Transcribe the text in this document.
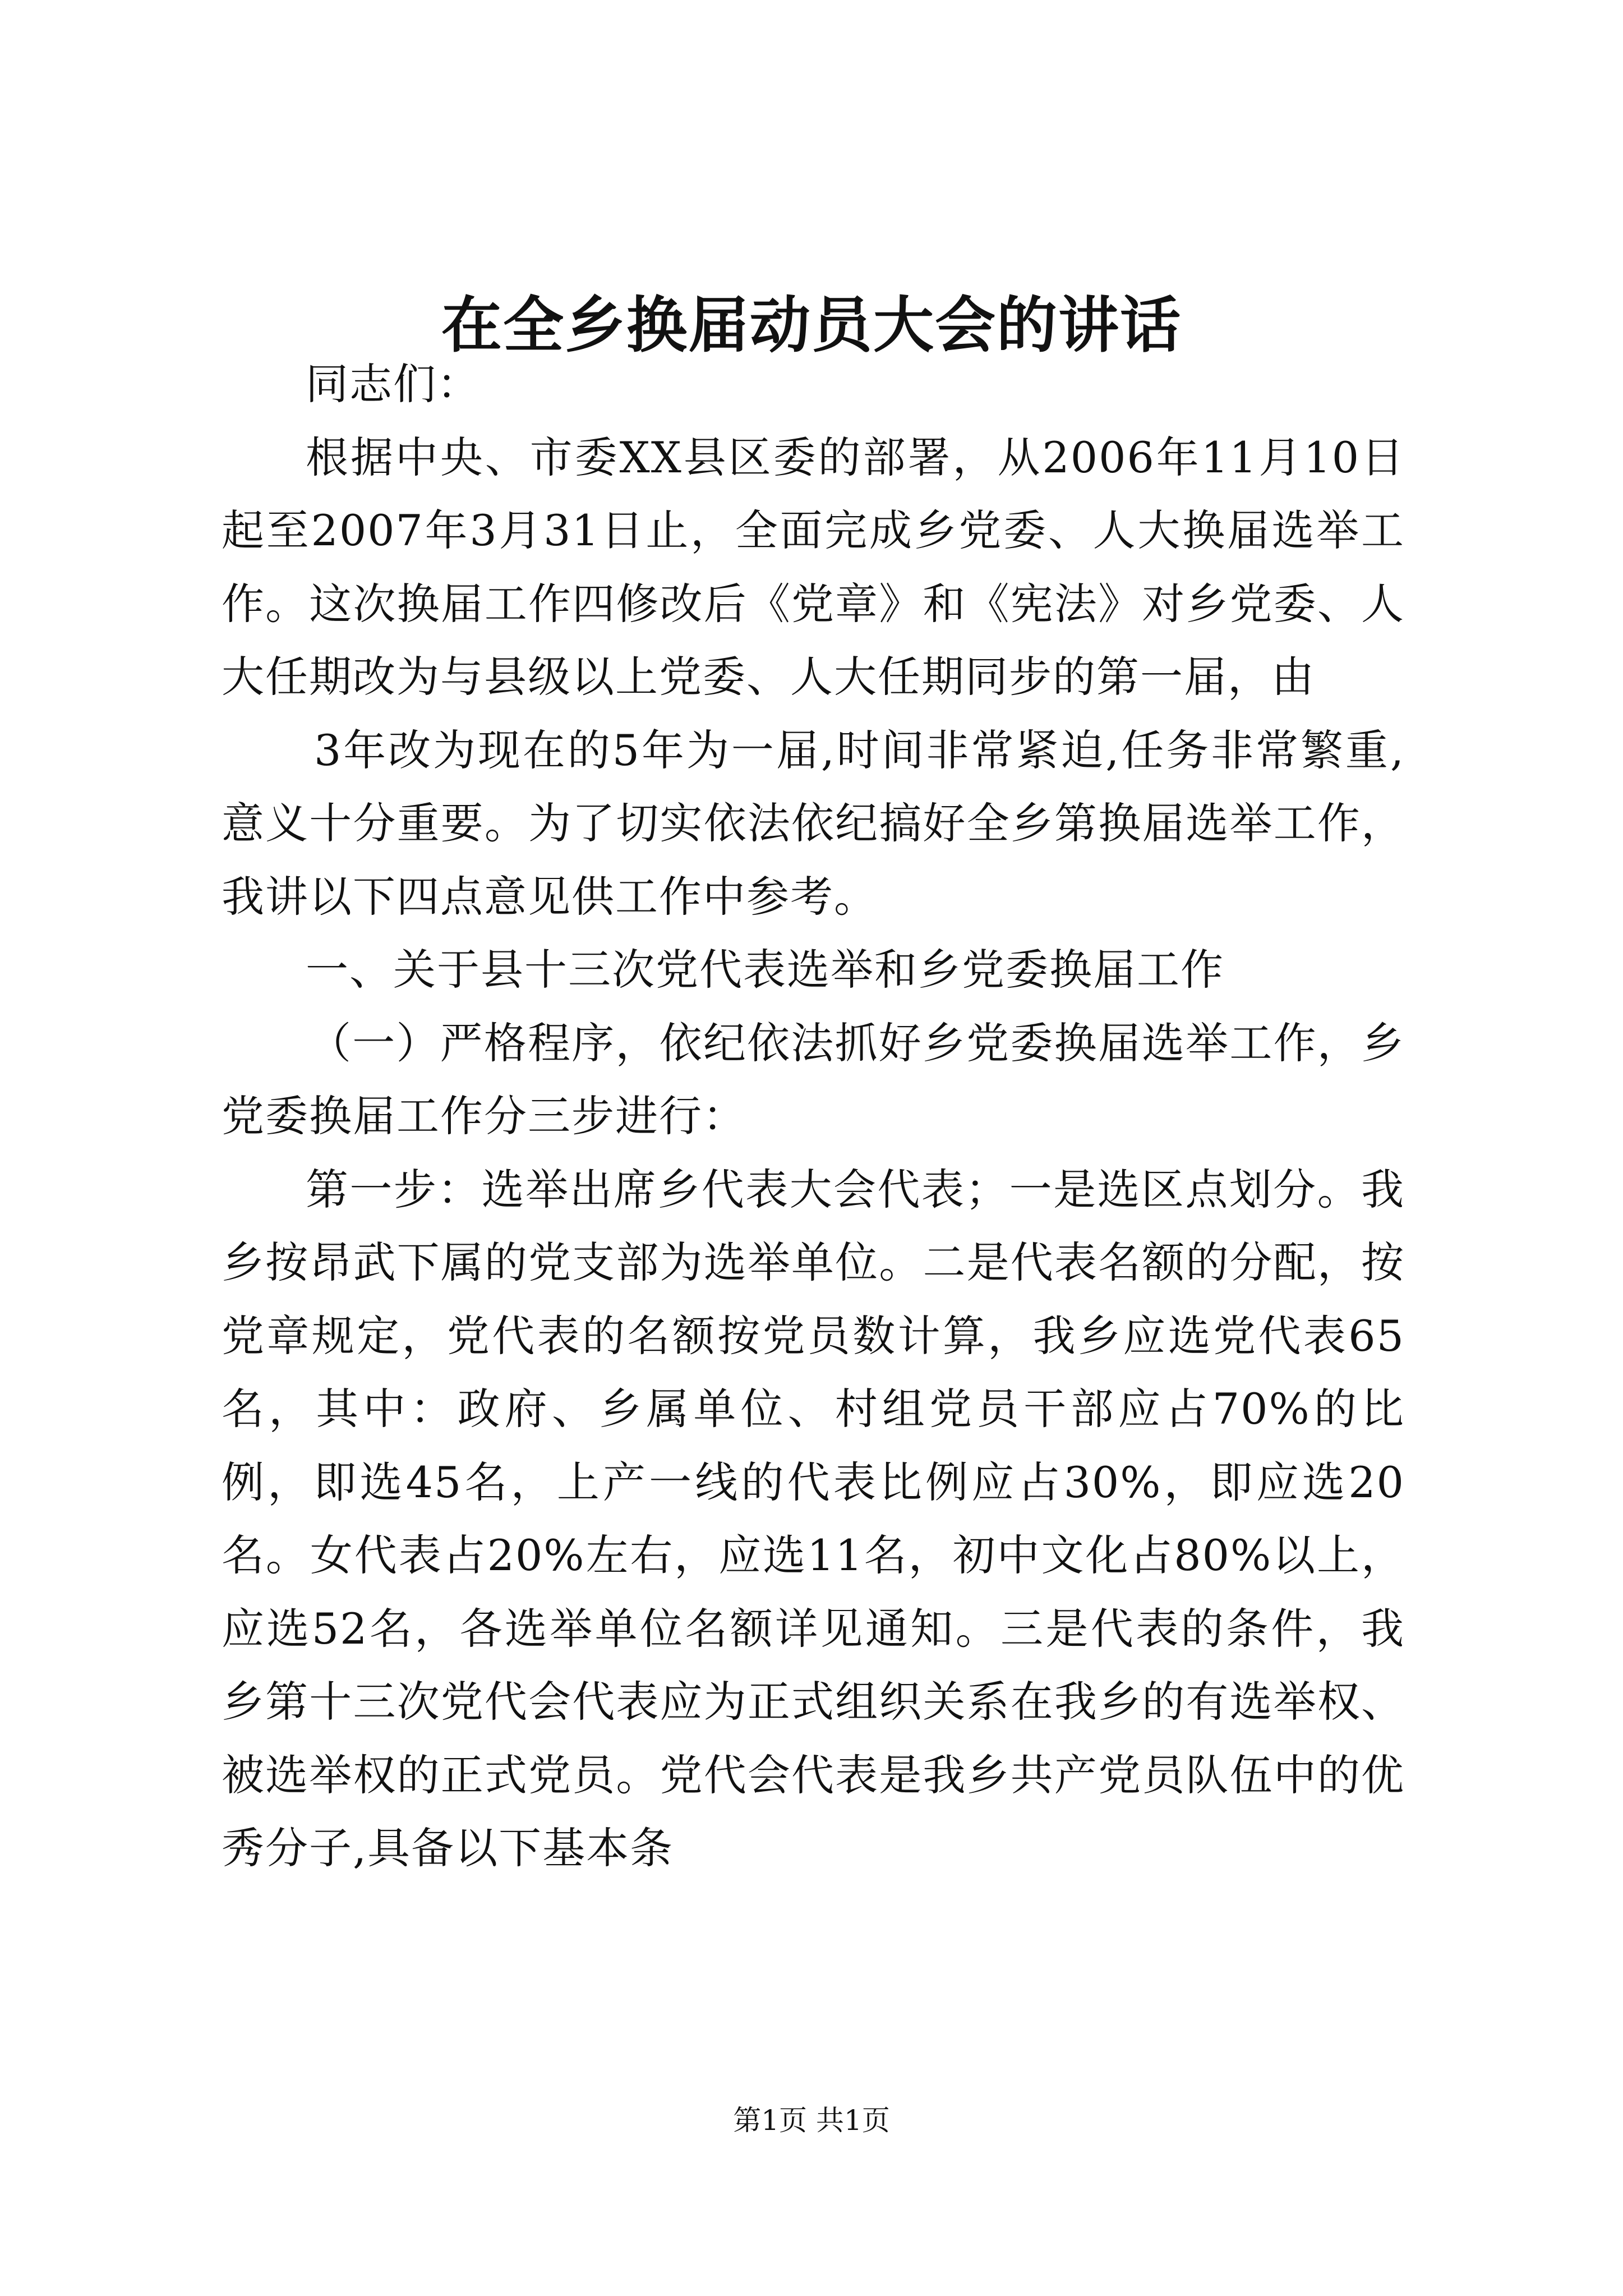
在全乡换届动员大会的讲话

同志们：

根据中央、市委XX县区委的部署，从2006年11月10日起至2007年3月31日止，全面完成乡党委、人大换届选举工作。这次换届工作四修改后《党章》和《宪法》对乡党委、人大任期改为与县级以上党委、人大任期同步的第一届，由

3年改为现在的5年为一届,时间非常紧迫,任务非常繁重,意义十分重要。为了切实依法依纪搞好全乡第换届选举工作，我讲以下四点意见供工作中参考。

一、关于县十三次党代表选举和乡党委换届工作

（一）严格程序，依纪依法抓好乡党委换届选举工作，乡党委换届工作分三步进行：

第一步：选举出席乡代表大会代表；一是选区点划分。我乡按昂武下属的党支部为选举单位。二是代表名额的分配，按党章规定，党代表的名额按党员数计算，我乡应选党代表65名，其中：政府、乡属单位、村组党员干部应占70%的比例，即选45名，上产一线的代表比例应占30%，即应选20名。女代表占20%左右，应选11名，初中文化占80%以上，应选52名，各选举单位名额详见通知。三是代表的条件，我乡第十三次党代会代表应为正式组织关系在我乡的有选举权、被选举权的正式党员。党代会代表是我乡共产党员队伍中的优秀分子,具备以下基本条

第1页 共1页
